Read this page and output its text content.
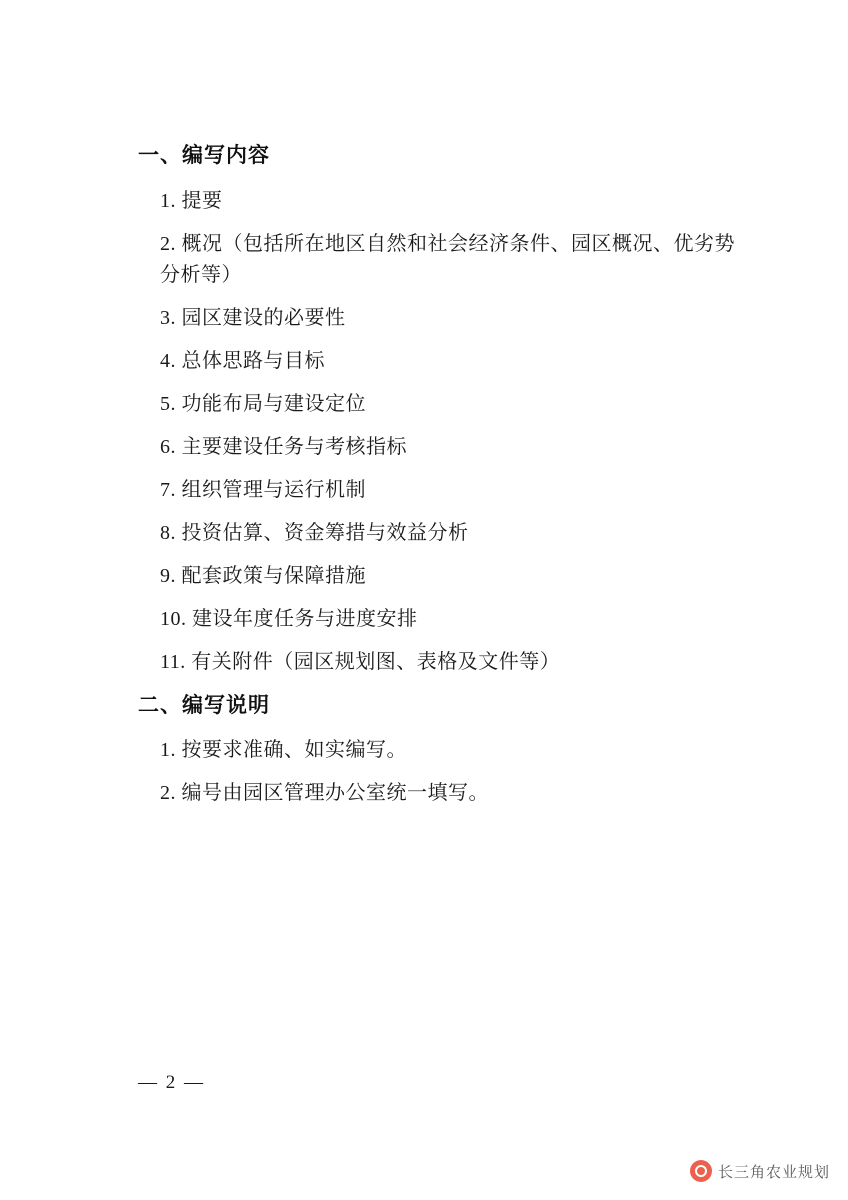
一、编写内容

1. 提要

2. 概况（包括所在地区自然和社会经济条件、园区概况、优劣势分析等）

3. 园区建设的必要性

4. 总体思路与目标

5. 功能布局与建设定位

6. 主要建设任务与考核指标

7. 组织管理与运行机制

8. 投资估算、资金筹措与效益分析

9. 配套政策与保障措施

10. 建设年度任务与进度安排

11. 有关附件（园区规划图、表格及文件等）

二、编写说明

1. 按要求准确、如实编写。

2. 编号由园区管理办公室统一填写。

— 2 —
长三角农业规划
